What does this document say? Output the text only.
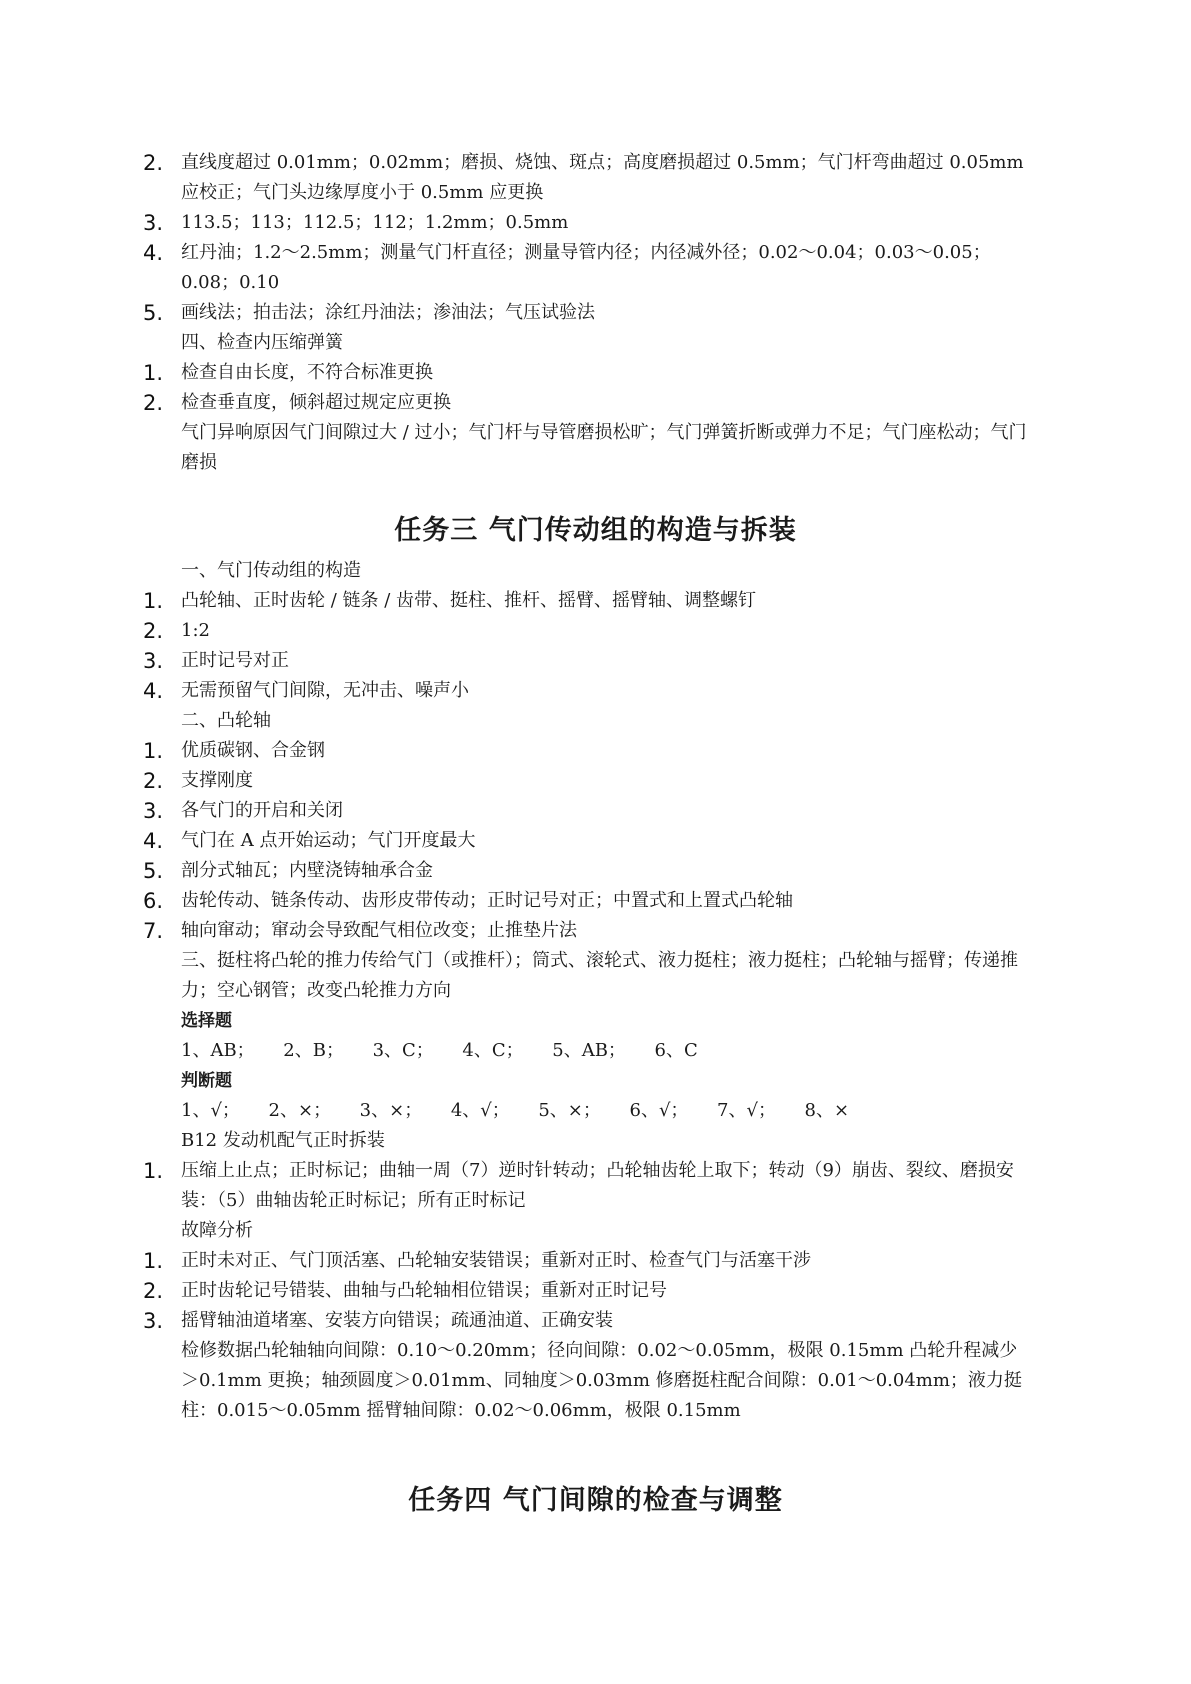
2. 直线度超过 0.01mm；0.02mm；磨损、烧蚀、斑点；高度磨损超过 0.5mm；气门杆弯曲超过 0.05mm 应校正；气门头边缘厚度小于 0.5mm 应更换
3. 113.5；113；112.5；112；1.2mm；0.5mm
4. 红丹油；1.2～2.5mm；测量气门杆直径；测量导管内径；内径减外径；0.02～0.04；0.03～0.05；0.08；0.10
5. 画线法；拍击法；涂红丹油法；渗油法；气压试验法
四、检查内压缩弹簧
1. 检查自由长度，不符合标准更换
2. 检查垂直度，倾斜超过规定应更换
气门异响原因气门间隙过大 / 过小；气门杆与导管磨损松旷；气门弹簧折断或弹力不足；气门座松动；气门磨损
任务三 气门传动组的构造与拆装
一、气门传动组的构造
1. 凸轮轴、正时齿轮 / 链条 / 齿带、挺柱、推杆、摇臂、摇臂轴、调整螺钉
2. 1:2
3. 正时记号对正
4. 无需预留气门间隙，无冲击、噪声小
二、凸轮轴
1. 优质碳钢、合金钢
2. 支撑刚度
3. 各气门的开启和关闭
4. 气门在 A 点开始运动；气门开度最大
5. 剖分式轴瓦；内壁浇铸轴承合金
6. 齿轮传动、链条传动、齿形皮带传动；正时记号对正；中置式和上置式凸轮轴
7. 轴向窜动；窜动会导致配气相位改变；止推垫片法
三、挺柱将凸轮的推力传给气门（或推杆）；筒式、滚轮式、液力挺柱；液力挺柱；凸轮轴与摇臂；传递推力；空心钢管；改变凸轮推力方向
选择题
1、AB；     2、B；     3、C；     4、C；     5、AB；     6、C
判断题
1、√；     2、×；     3、×；     4、√；     5、×；     6、√；     7、√；     8、×
B12 发动机配气正时拆装
1. 压缩上止点；正时标记；曲轴一周（7）逆时针转动；凸轮轴齿轮上取下；转动（9）崩齿、裂纹、磨损安装：（5）曲轴齿轮正时标记；所有正时标记
故障分析
1. 正时未对正、气门顶活塞、凸轮轴安装错误；重新对正时、检查气门与活塞干涉
2. 正时齿轮记号错装、曲轴与凸轮轴相位错误；重新对正时记号
3. 摇臂轴油道堵塞、安装方向错误；疏通油道、正确安装
检修数据凸轮轴轴向间隙：0.10～0.20mm；径向间隙：0.02～0.05mm，极限 0.15mm 凸轮升程减少＞0.1mm 更换；轴颈圆度＞0.01mm、同轴度＞0.03mm 修磨挺柱配合间隙：0.01～0.04mm；液力挺柱：0.015～0.05mm 摇臂轴间隙：0.02～0.06mm，极限 0.15mm
任务四 气门间隙的检查与调整
